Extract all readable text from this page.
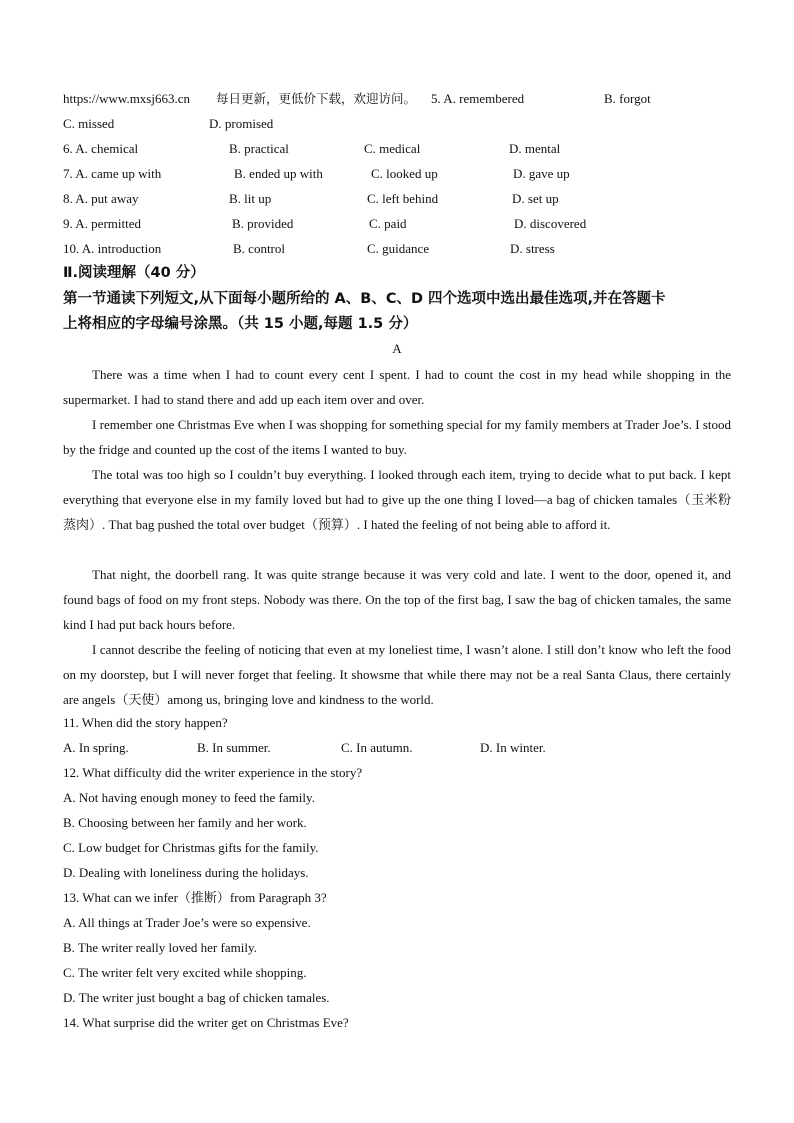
https://www.mxsj663.cn 每日更新，更低价下载，欢迎访问。 5. A. remembered	B. forgot
C. missed	D. promised
6. A. chemical	B. practical	C. medical	D. mental
7. A. came up with	B. ended up with	C. looked up	D. gave up
8. A. put away	B. lit up	C. left behind	D. set up
9. A. permitted	B. provided	C. paid	D. discovered
10. A. introduction	B. control	C. guidance	D. stress
Ⅱ.阅读理解（40 分）
第一节通读下列短文,从下面每小题所给的 A、B、C、D 四个选项中选出最佳选项,并在答题卡
上将相应的字母编号涂黑。（共 15 小题,每题 1.5 分）
A
There was a time when I had to count every cent I spent. I had to count the cost in my head while shopping in the supermarket. I had to stand there and add up each item over and over.
I remember one Christmas Eve when I was shopping for something special for my family members at Trader Joe’s. I stood by the fridge and counted up the cost of the items I wanted to buy.
The total was too high so I couldn’t buy everything. I looked through each item, trying to decide what to put back. I kept everything that everyone else in my family loved but had to give up the one thing I loved—a bag of chicken tamales（玉米粉蒸肉）. That bag pushed the total over budget（预算）. I hated the feeling of not being able to afford it.
That night, the doorbell rang. It was quite strange because it was very cold and late. I went to the door, opened it, and found bags of food on my front steps. Nobody was there. On the top of the first bag, I saw the bag of chicken tamales, the same kind I had put back hours before.
I cannot describe the feeling of noticing that even at my loneliest time, I wasn’t alone. I still don’t know who left the food on my doorstep, but I will never forget that feeling. It showsme that while there may not be a real Santa Claus, there certainly are angels（天使）among us, bringing love and kindness to the world.
11. When did the story happen?
A. In spring.	B. In summer.	C. In autumn.	D. In winter.
12. What difficulty did the writer experience in the story?
A. Not having enough money to feed the family.
B. Choosing between her family and her work.
C. Low budget for Christmas gifts for the family.
D. Dealing with loneliness during the holidays.
13. What can we infer（推断）from Paragraph 3?
A. All things at Trader Joe’s were so expensive.
B. The writer really loved her family.
C. The writer felt very excited while shopping.
D. The writer just bought a bag of chicken tamales.
14. What surprise did the writer get on Christmas Eve?
